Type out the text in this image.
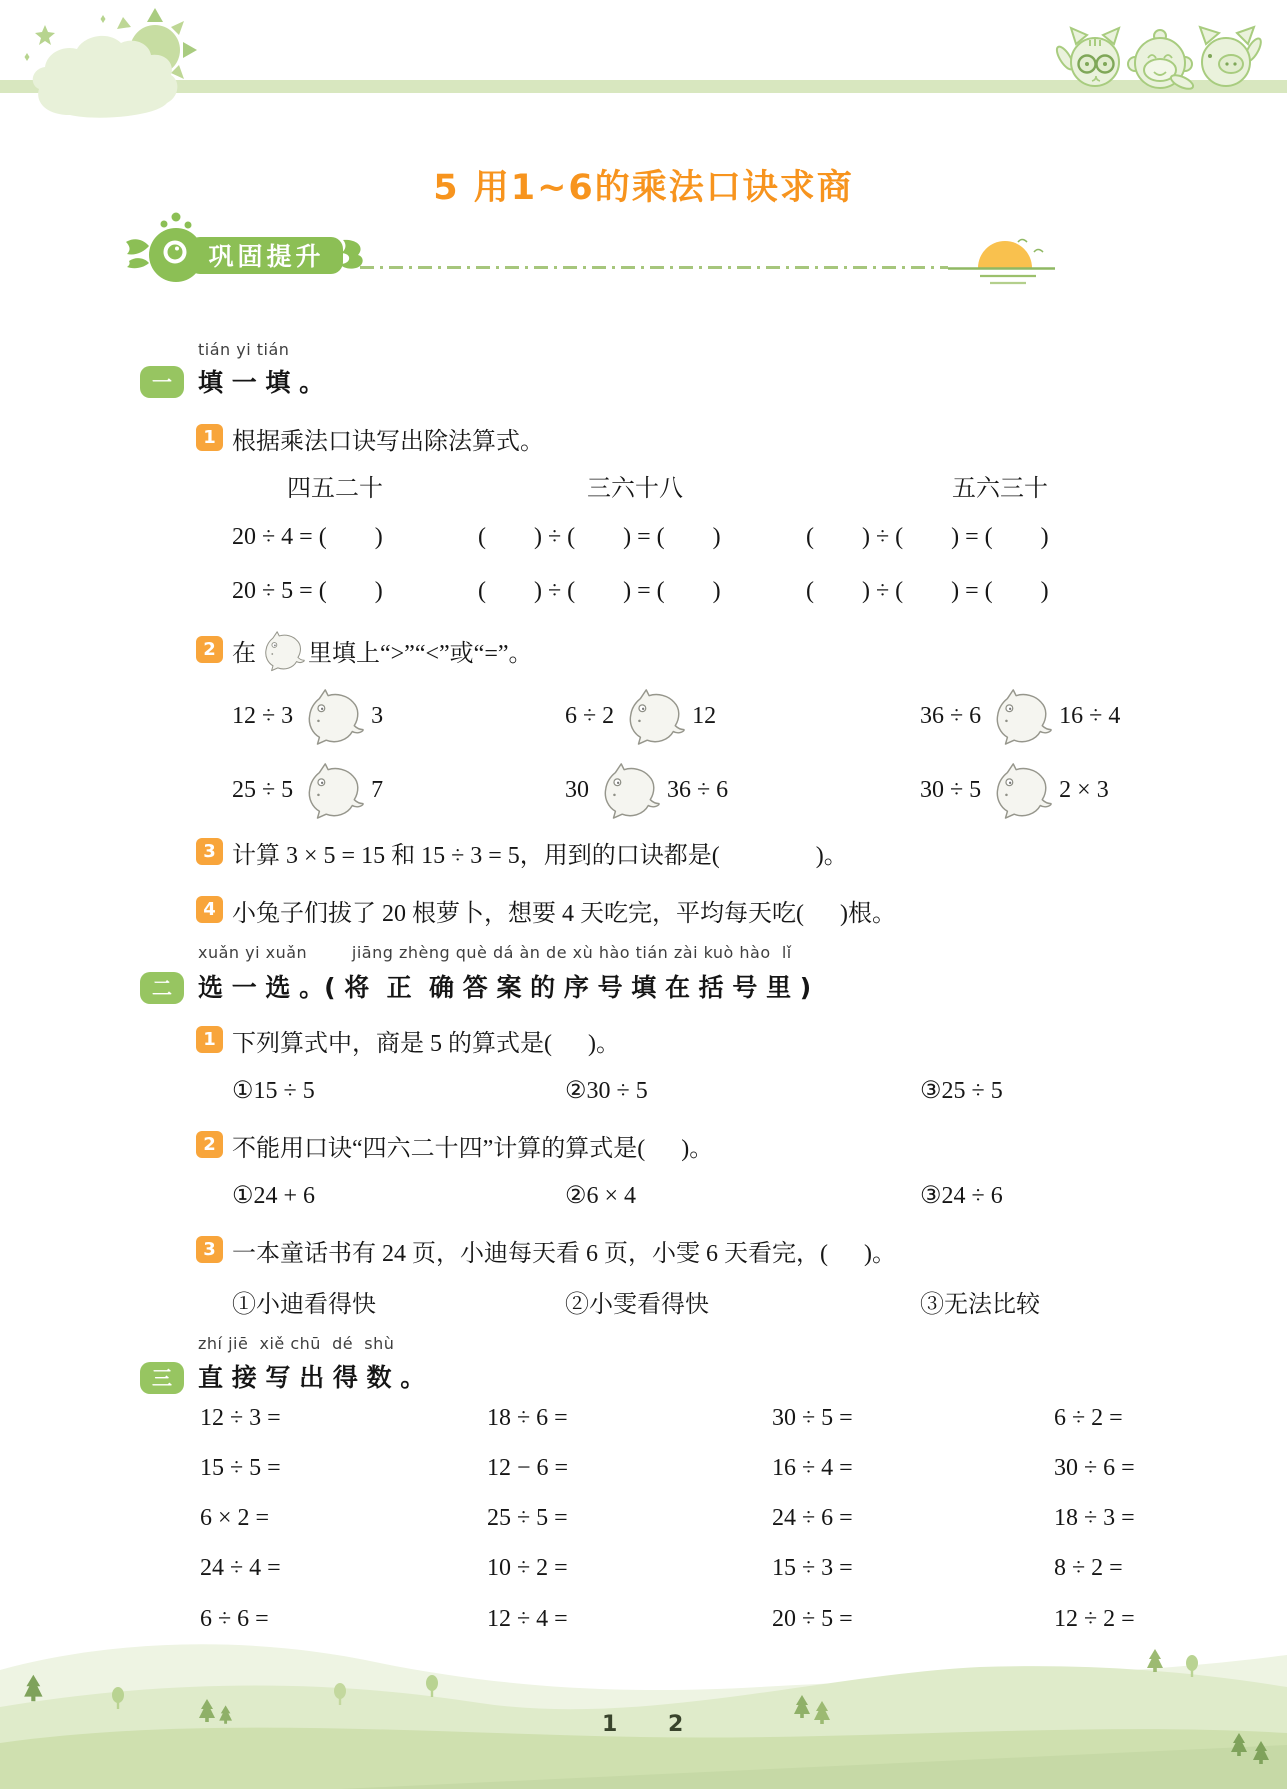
5 用1~6的乘法口诀求商
巩固提升
tián yi tián
一	填 一 填 。
1 根据乘法口诀写出除法算式。
四五二十	三六十八	五六三十
20 ÷ 4 = (        )	(        ) ÷ (        ) = (        )	(        ) ÷ (        ) = (        )
20 ÷ 5 = (        )	(        ) ÷ (        ) = (        )	(        ) ÷ (        ) = (        )
2 在 里填上“>”“<”或“=”。
12 ÷ 3	3	6 ÷ 2	12	36 ÷ 6	16 ÷ 4
25 ÷ 5	7	30	36 ÷ 6	30 ÷ 5	2 × 3
3 计算 3 × 5 = 15 和 15 ÷ 3 = 5，用到的口诀都是(                )。
4 小兔子们拔了 20 根萝卜，想要 4 天吃完，平均每天吃(      )根。
xuǎn yi xuǎn        jiāng zhèng què dá àn de xù hào tián zài kuò hào  lǐ
二	选 一 选 。( 将  正  确 答 案 的 序 号 填 在 括 号 里 )
1 下列算式中，商是 5 的算式是(      )。
①15 ÷ 5	②30 ÷ 5	③25 ÷ 5
2 不能用口诀“四六二十四”计算的算式是(      )。
①24 + 6	②6 × 4	③24 ÷ 6
3 一本童话书有 24 页，小迪每天看 6 页，小雯 6 天看完，(      )。
①小迪看得快	②小雯看得快	③无法比较
zhí jiē  xiě chū  dé  shù
三	直 接 写 出 得 数 。
12 ÷ 3 =	18 ÷ 6 =	30 ÷ 5 =	6 ÷ 2 =
15 ÷ 5 =	12 − 6 =	16 ÷ 4 =	30 ÷ 6 =
6 × 2 =	25 ÷ 5 =	24 ÷ 6 =	18 ÷ 3 =
24 ÷ 4 =	10 ÷ 2 =	15 ÷ 3 =	8 ÷ 2 =
6 ÷ 6 =	12 ÷ 4 =	20 ÷ 5 =	12 ÷ 2 =
1 2
